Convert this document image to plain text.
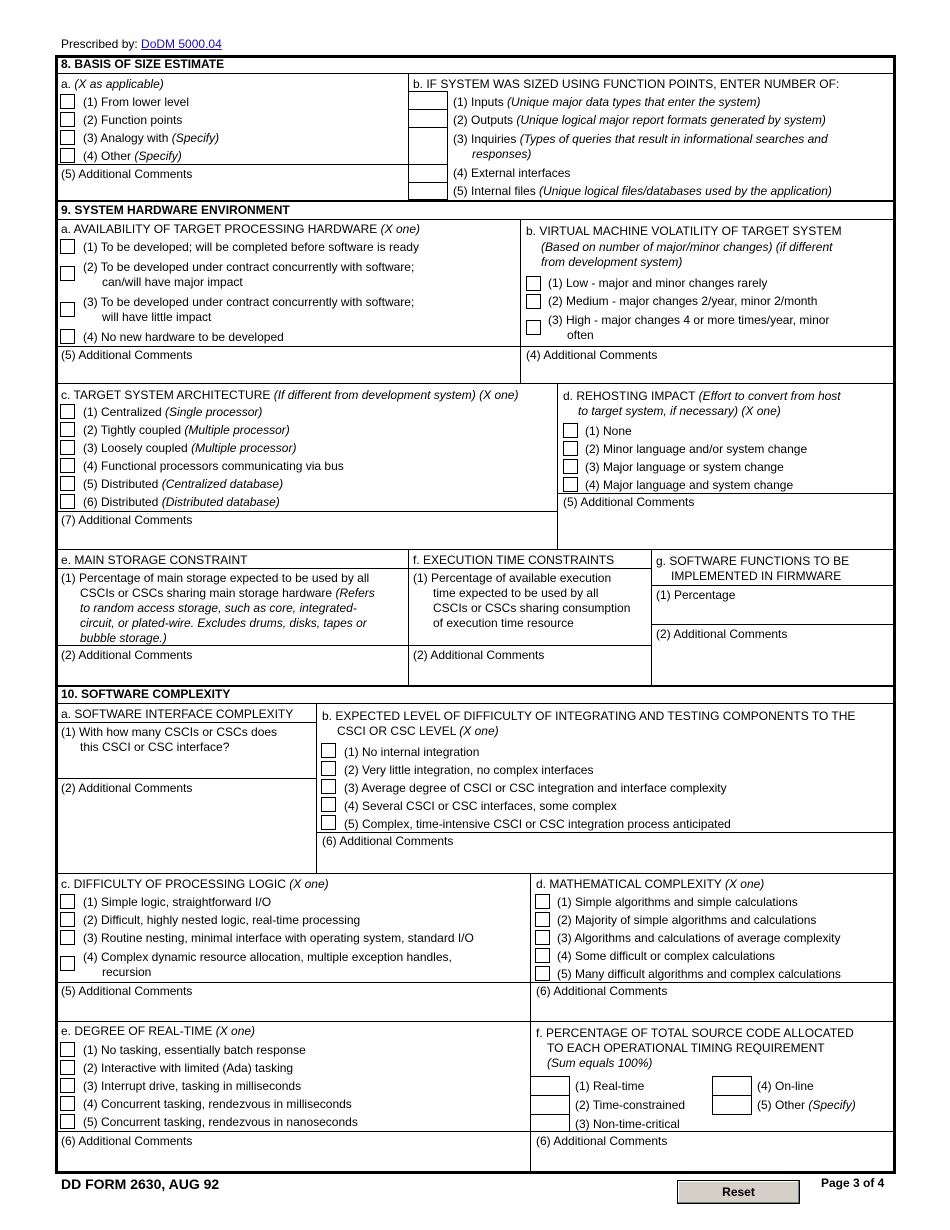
Prescribed by: DoDM 5000.04
8. BASIS OF SIZE ESTIMATE
a. (X as applicable)
(1) From lower level
(2) Function points
(3) Analogy with (Specify)
(4) Other (Specify)
(5) Additional Comments
b. IF SYSTEM WAS SIZED USING FUNCTION POINTS, ENTER NUMBER OF:
(1) Inputs (Unique major data types that enter the system)
(2) Outputs (Unique logical major report formats generated by system)
(3) Inquiries (Types of queries that result in informational searches and
responses)
(4) External interfaces
(5) Internal files (Unique logical files/databases used by the application)
9. SYSTEM HARDWARE ENVIRONMENT
a. AVAILABILITY OF TARGET PROCESSING HARDWARE (X one)
(1) To be developed; will be completed before software is ready
(2) To be developed under contract concurrently with software;
can/will have major impact
(3) To be developed under contract concurrently with software;
will have little impact
(4) No new hardware to be developed
(5) Additional Comments
b. VIRTUAL MACHINE VOLATILITY OF TARGET SYSTEM
(Based on number of major/minor changes) (if different
from development system)
(1) Low - major and minor changes rarely
(2) Medium - major changes 2/year, minor 2/month
(3) High - major changes 4 or more times/year, minor
often
(4) Additional Comments
c. TARGET SYSTEM ARCHITECTURE (If different from development system) (X one)
(1) Centralized (Single processor)
(2) Tightly coupled (Multiple processor)
(3) Loosely coupled (Multiple processor)
(4) Functional processors communicating via bus
(5) Distributed (Centralized database)
(6) Distributed (Distributed database)
(7) Additional Comments
d. REHOSTING IMPACT (Effort to convert from host
to target system, if necessary) (X one)
(1) None
(2) Minor language and/or system change
(3) Major language or system change
(4) Major language and system change
(5) Additional Comments
e. MAIN STORAGE CONSTRAINT	f. EXECUTION TIME CONSTRAINTS	g. SOFTWARE FUNCTIONS TO BE
IMPLEMENTED IN FIRMWARE
(1) Percentage of main storage expected to be used by all
CSCIs or CSCs sharing main storage hardware (Refers
to random access storage, such as core, integrated-
circuit, or plated-wire. Excludes drums, disks, tapes or
bubble storage.)
(2) Additional Comments
(1) Percentage of available execution
time expected to be used by all
CSCIs or CSCs sharing consumption
of execution time resource
(2) Additional Comments
(1) Percentage
(2) Additional Comments
10. SOFTWARE COMPLEXITY
a. SOFTWARE INTERFACE COMPLEXITY
(1) With how many CSCIs or CSCs does
this CSCI or CSC interface?
(2) Additional Comments
b. EXPECTED LEVEL OF DIFFICULTY OF INTEGRATING AND TESTING COMPONENTS TO THE
CSCI OR CSC LEVEL (X one)
(1) No internal integration
(2) Very little integration, no complex interfaces
(3) Average degree of CSCI or CSC integration and interface complexity
(4) Several CSCI or CSC interfaces, some complex
(5) Complex, time-intensive CSCI or CSC integration process anticipated
(6) Additional Comments
c. DIFFICULTY OF PROCESSING LOGIC (X one)
(1) Simple logic, straightforward I/O
(2) Difficult, highly nested logic, real-time processing
(3) Routine nesting, minimal interface with operating system, standard I/O
(4) Complex dynamic resource allocation, multiple exception handles,
recursion
(5) Additional Comments
d. MATHEMATICAL COMPLEXITY (X one)
(1) Simple algorithms and simple calculations
(2) Majority of simple algorithms and calculations
(3) Algorithms and calculations of average complexity
(4) Some difficult or complex calculations
(5) Many difficult algorithms and complex calculations
(6) Additional Comments
e. DEGREE OF REAL-TIME (X one)
(1) No tasking, essentially batch response
(2) Interactive with limited (Ada) tasking
(3) Interrupt drive, tasking in milliseconds
(4) Concurrent tasking, rendezvous in milliseconds
(5) Concurrent tasking, rendezvous in nanoseconds
(6) Additional Comments
f. PERCENTAGE OF TOTAL SOURCE CODE ALLOCATED
TO EACH OPERATIONAL TIMING REQUIREMENT
(Sum equals 100%)
(1) Real-time
(2) Time-constrained
(3) Non-time-critical
(4) On-line
(5) Other (Specify)
(6) Additional Comments
DD FORM 2630, AUG 92	Reset
Page 3 of 4
